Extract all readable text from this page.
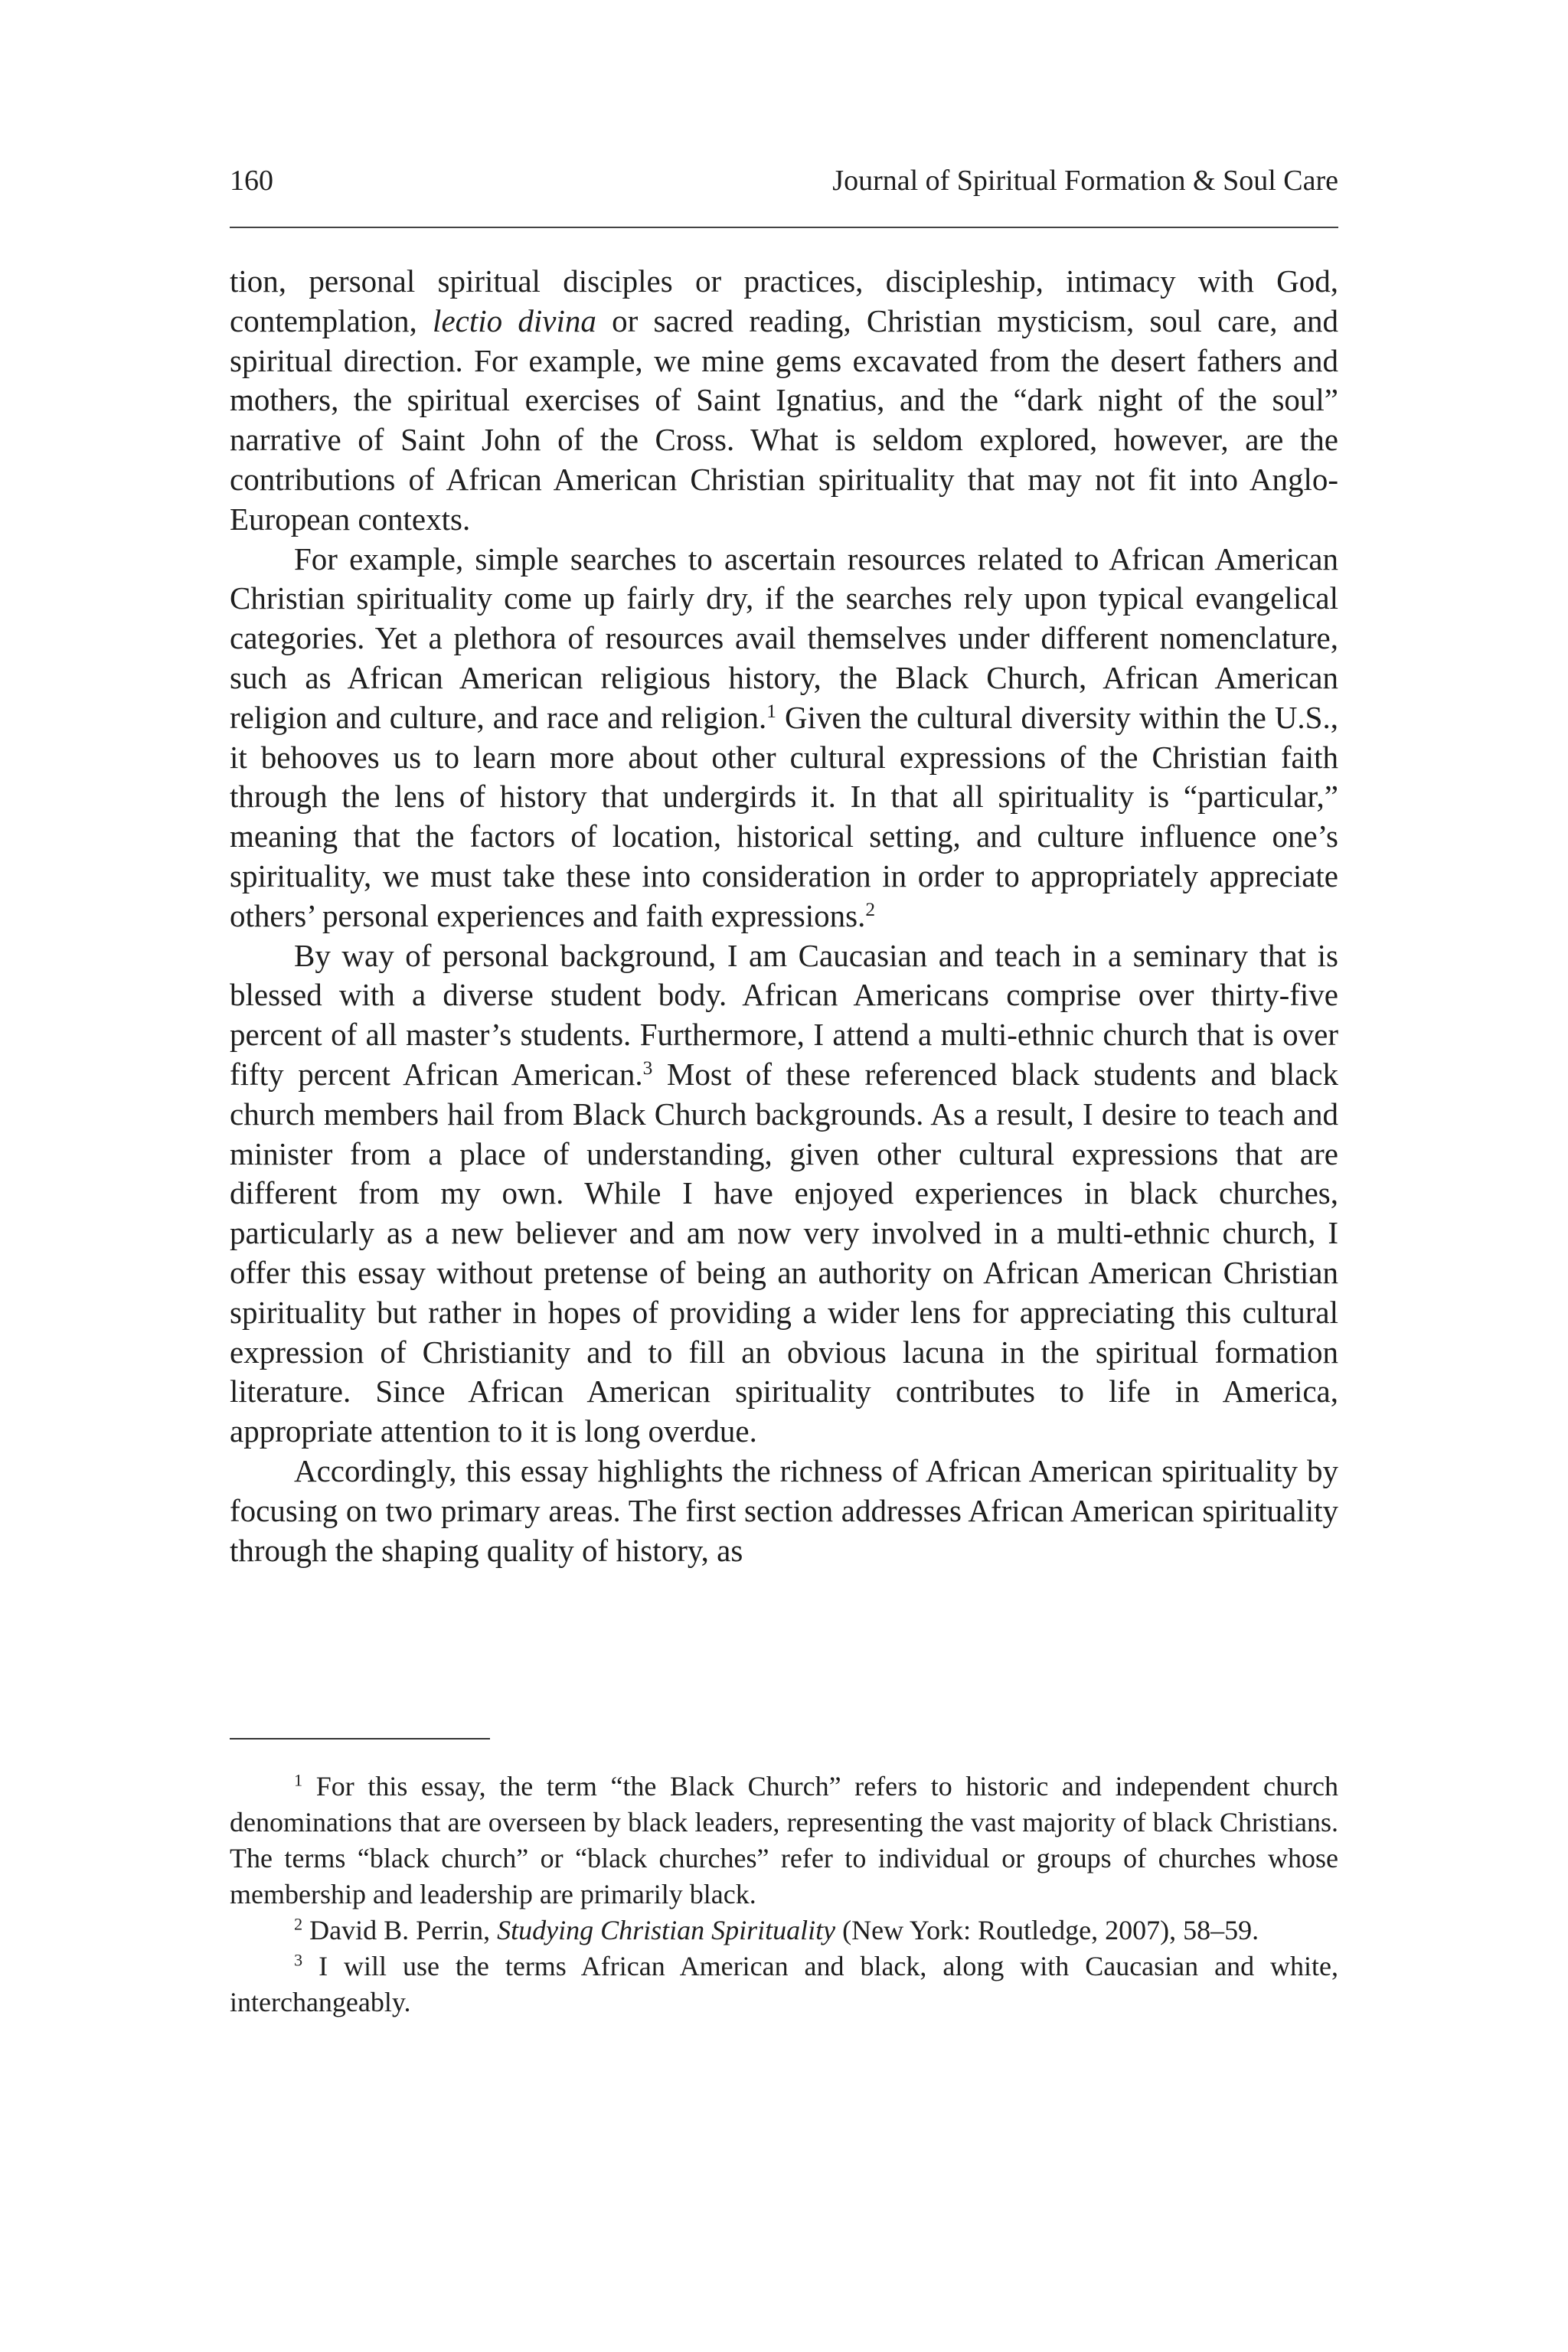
160	Journal of Spiritual Formation & Soul Care

tion, personal spiritual disciples or practices, discipleship, intimacy with God, contemplation, lectio divina or sacred reading, Christian mysticism, soul care, and spiritual direction. For example, we mine gems excavated from the desert fathers and mothers, the spiritual exercises of Saint Ignatius, and the “dark night of the soul” narrative of Saint John of the Cross. What is seldom explored, however, are the contributions of African American Christian spirituality that may not fit into Anglo-European contexts.

For example, simple searches to ascertain resources related to African American Christian spirituality come up fairly dry, if the searches rely upon typical evangelical categories. Yet a plethora of resources avail themselves under different nomenclature, such as African American religious history, the Black Church, African American religion and culture, and race and religion.$^1$ Given the cultural diversity within the U.S., it behooves us to learn more about other cultural expressions of the Christian faith through the lens of history that undergirds it. In that all spirituality is “particular,” meaning that the factors of location, historical setting, and culture influence one’s spirituality, we must take these into consideration in order to appropriately appreciate others’ personal experiences and faith expressions.$^2$

By way of personal background, I am Caucasian and teach in a seminary that is blessed with a diverse student body. African Americans comprise over thirty-five percent of all master’s students. Furthermore, I attend a multi-ethnic church that is over fifty percent African American.$^3$ Most of these referenced black students and black church members hail from Black Church backgrounds. As a result, I desire to teach and minister from a place of understanding, given other cultural expressions that are different from my own. While I have enjoyed experiences in black churches, particularly as a new believer and am now very involved in a multi-ethnic church, I offer this essay without pretense of being an authority on African American Christian spirituality but rather in hopes of providing a wider lens for appreciating this cultural expression of Christianity and to fill an obvious lacuna in the spiritual formation literature. Since African American spirituality contributes to life in America, appropriate attention to it is long overdue.

Accordingly, this essay highlights the richness of African American spirituality by focusing on two primary areas. The first section addresses African American spirituality through the shaping quality of history, as

$^1$ For this essay, the term “the Black Church” refers to historic and independent church denominations that are overseen by black leaders, representing the vast majority of black Christians. The terms “black church” or “black churches” refer to individual or groups of churches whose membership and leadership are primarily black.

$^2$ David B. Perrin, Studying Christian Spirituality (New York: Routledge, 2007), 58–59.

$^3$ I will use the terms African American and black, along with Caucasian and white, interchangeably.
